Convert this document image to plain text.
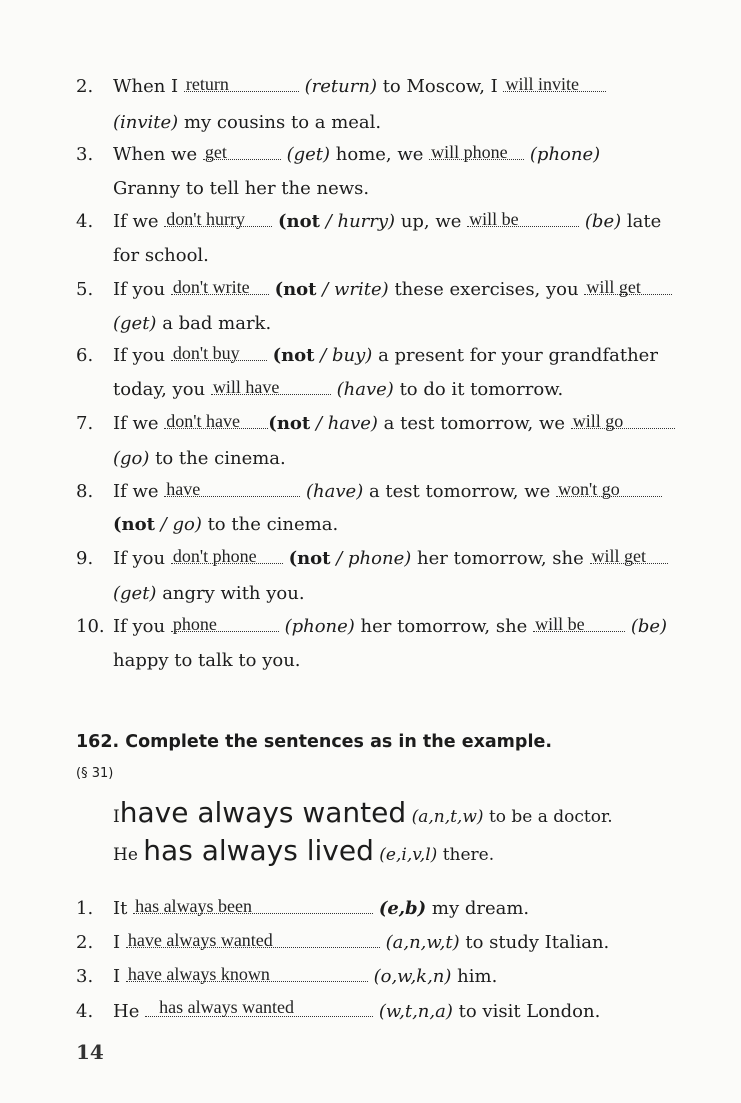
2. When I return	(return) to Moscow, I will invite
(invite) my cousins to a meal.
3. When we get	(get) home, we will phone (phone)
Granny to tell her the news.
4. If we don't hurry (not / hurry) up, we will be	(be) late
for school.
5. If you don't write (not / write) these exercises, you will get
(get) a bad mark.
6. If you don't buy (not / buy) a present for your grandfather
today, you will have	(have) to do it tomorrow.
7. If we don't have (not / have) a test tomorrow, we will go
(go) to the cinema.
8. If we have	(have) a test tomorrow, we won't go
(not / go) to the cinema.
9. If you don't phone (not / phone) her tomorrow, she will get
(get) angry with you.
10. If you phone	(phone) her tomorrow, she will be	(be)
happy to talk to you.
162. Complete the sentences as in the example.
(§ 31)
Ihave always wanted (a,n,t,w) to be a doctor.
He has always lived (e,i,v,l) there.
1. It has always been	(e,b) my dream.
2. I have always wanted	(a,n,w,t) to study Italian.
3. I have always known	(o,w,k,n) him.
4. He has always wanted	(w,t,n,a) to visit London.
14
